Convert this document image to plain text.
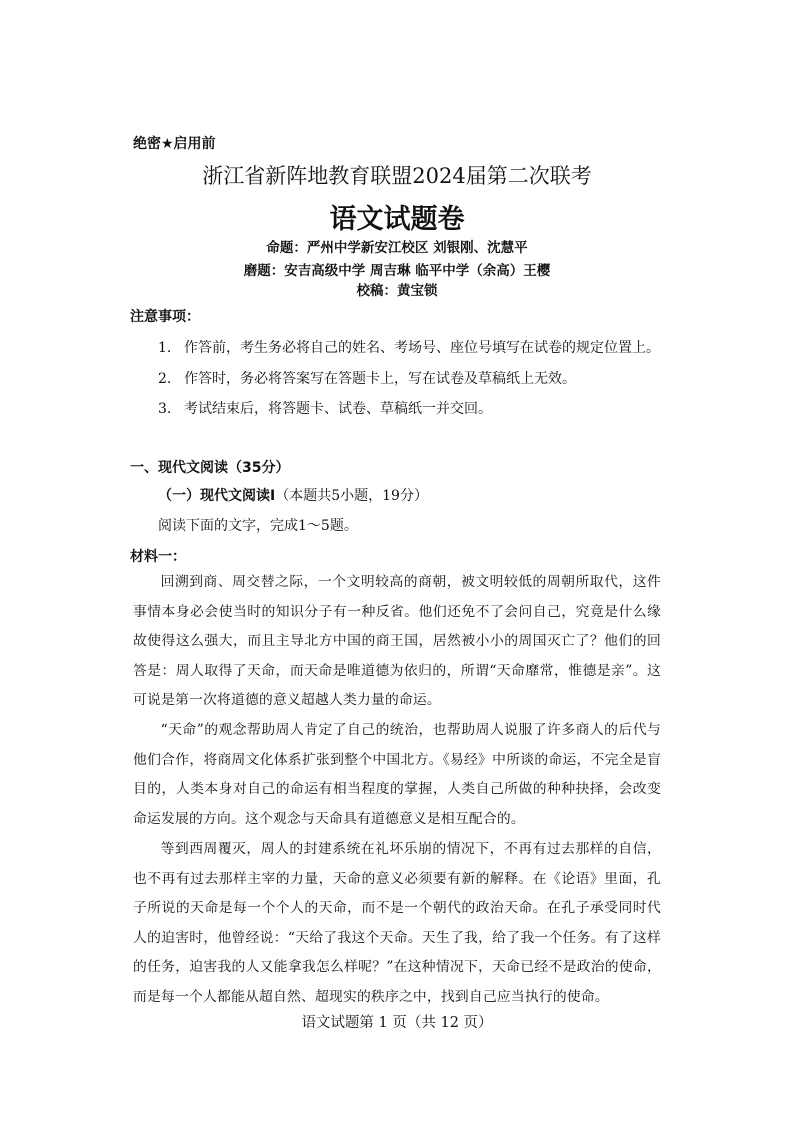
绝密★启用前
浙江省新阵地教育联盟2024届第二次联考
语文试题卷
命题：严州中学新安江校区 刘银刚、沈慧平
磨题：安吉高级中学 周吉琳 临平中学（余高）王樱
校稿：黄宝锁
注意事项：
1. 作答前，考生务必将自己的姓名、考场号、座位号填写在试卷的规定位置上。
2. 作答时，务必将答案写在答题卡上，写在试卷及草稿纸上无效。
3. 考试结束后，将答题卡、试卷、草稿纸一并交回。
一、现代文阅读（35分）
（一）现代文阅读Ⅰ（本题共5小题，19分）
阅读下面的文字，完成1～5题。
材料一：
回溯到商、周交替之际，一个文明较高的商朝，被文明较低的周朝所取代，这件事情本身必会使当时的知识分子有一种反省。他们还免不了会问自己，究竟是什么缘故使得这么强大，而且主导北方中国的商王国，居然被小小的周国灭亡了？他们的回答是：周人取得了天命，而天命是唯道德为依归的，所谓“天命靡常，惟德是亲”。这可说是第一次将道德的意义超越人类力量的命运。
“天命”的观念帮助周人肯定了自己的统治，也帮助周人说服了许多商人的后代与他们合作，将商周文化体系扩张到整个中国北方。《易经》中所谈的命运，不完全是盲目的，人类本身对自己的命运有相当程度的掌握，人类自己所做的种种抉择，会改变命运发展的方向。这个观念与天命具有道德意义是相互配合的。
等到西周覆灭，周人的封建系统在礼坏乐崩的情况下，不再有过去那样的自信，也不再有过去那样主宰的力量，天命的意义必须要有新的解释。在《论语》里面，孔子所说的天命是每一个个人的天命，而不是一个朝代的政治天命。在孔子承受同时代人的迫害时，他曾经说：“天给了我这个天命。天生了我，给了我一个任务。有了这样的任务，迫害我的人又能拿我怎么样呢？”在这种情况下，天命已经不是政治的使命，而是每一个人都能从超自然、超现实的秩序之中，找到自己应当执行的使命。
语文试题第 1 页（共 12 页）
